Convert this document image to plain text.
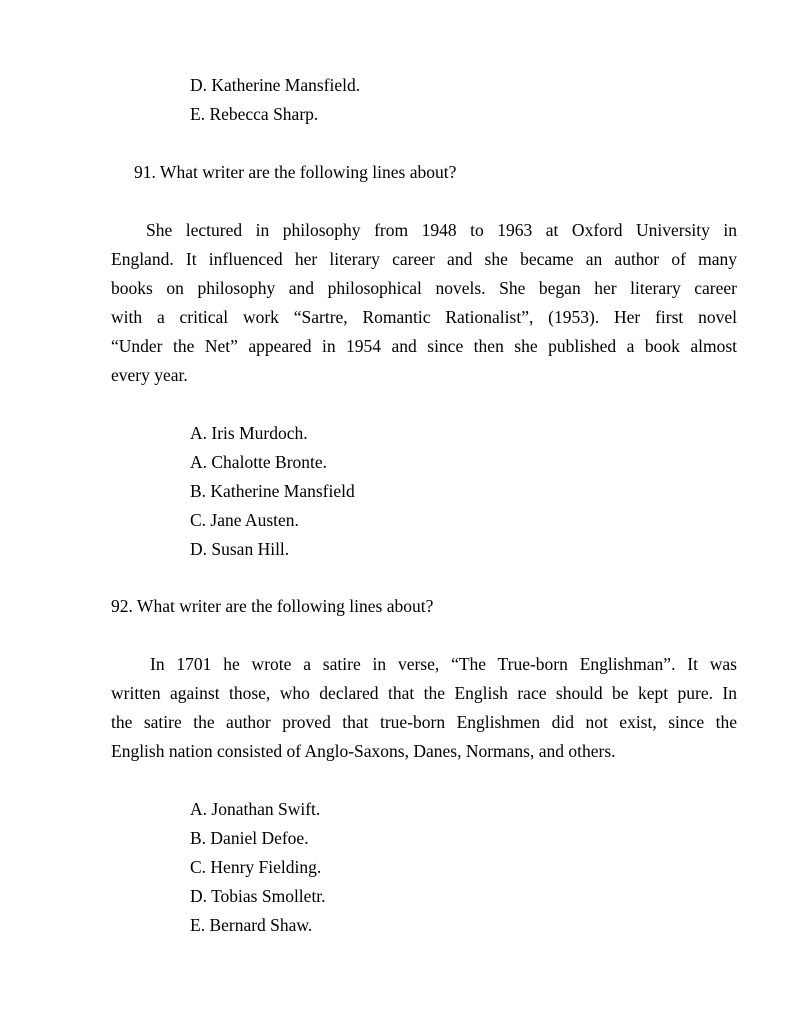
D. Katherine Mansfield.
E. Rebecca Sharp.
91. What writer are the following lines about?
She lectured in philosophy from 1948 to 1963 at Oxford University in
England. It influenced her literary career and she became an author of many
books on philosophy and philosophical novels. She began her literary career
with a critical work “Sartre, Romantic Rationalist”, (1953). Her first novel
“Under the Net” appeared in 1954 and since then she published a book almost
every year.
A. Iris Murdoch.
A. Chalotte Bronte.
B. Katherine Mansfield
C. Jane Austen.
D. Susan Hill.
92. What writer are the following lines about?
In 1701 he wrote a satire in verse, “The True-born Englishman”. It was
written against those, who declared that the English race should be kept pure. In
the satire the author proved that true-born Englishmen did not exist, since the
English nation consisted of Anglo-Saxons, Danes, Normans, and others.
A. Jonathan Swift.
B. Daniel Defoe.
C. Henry Fielding.
D. Tobias Smolletr.
E. Bernard Shaw.
